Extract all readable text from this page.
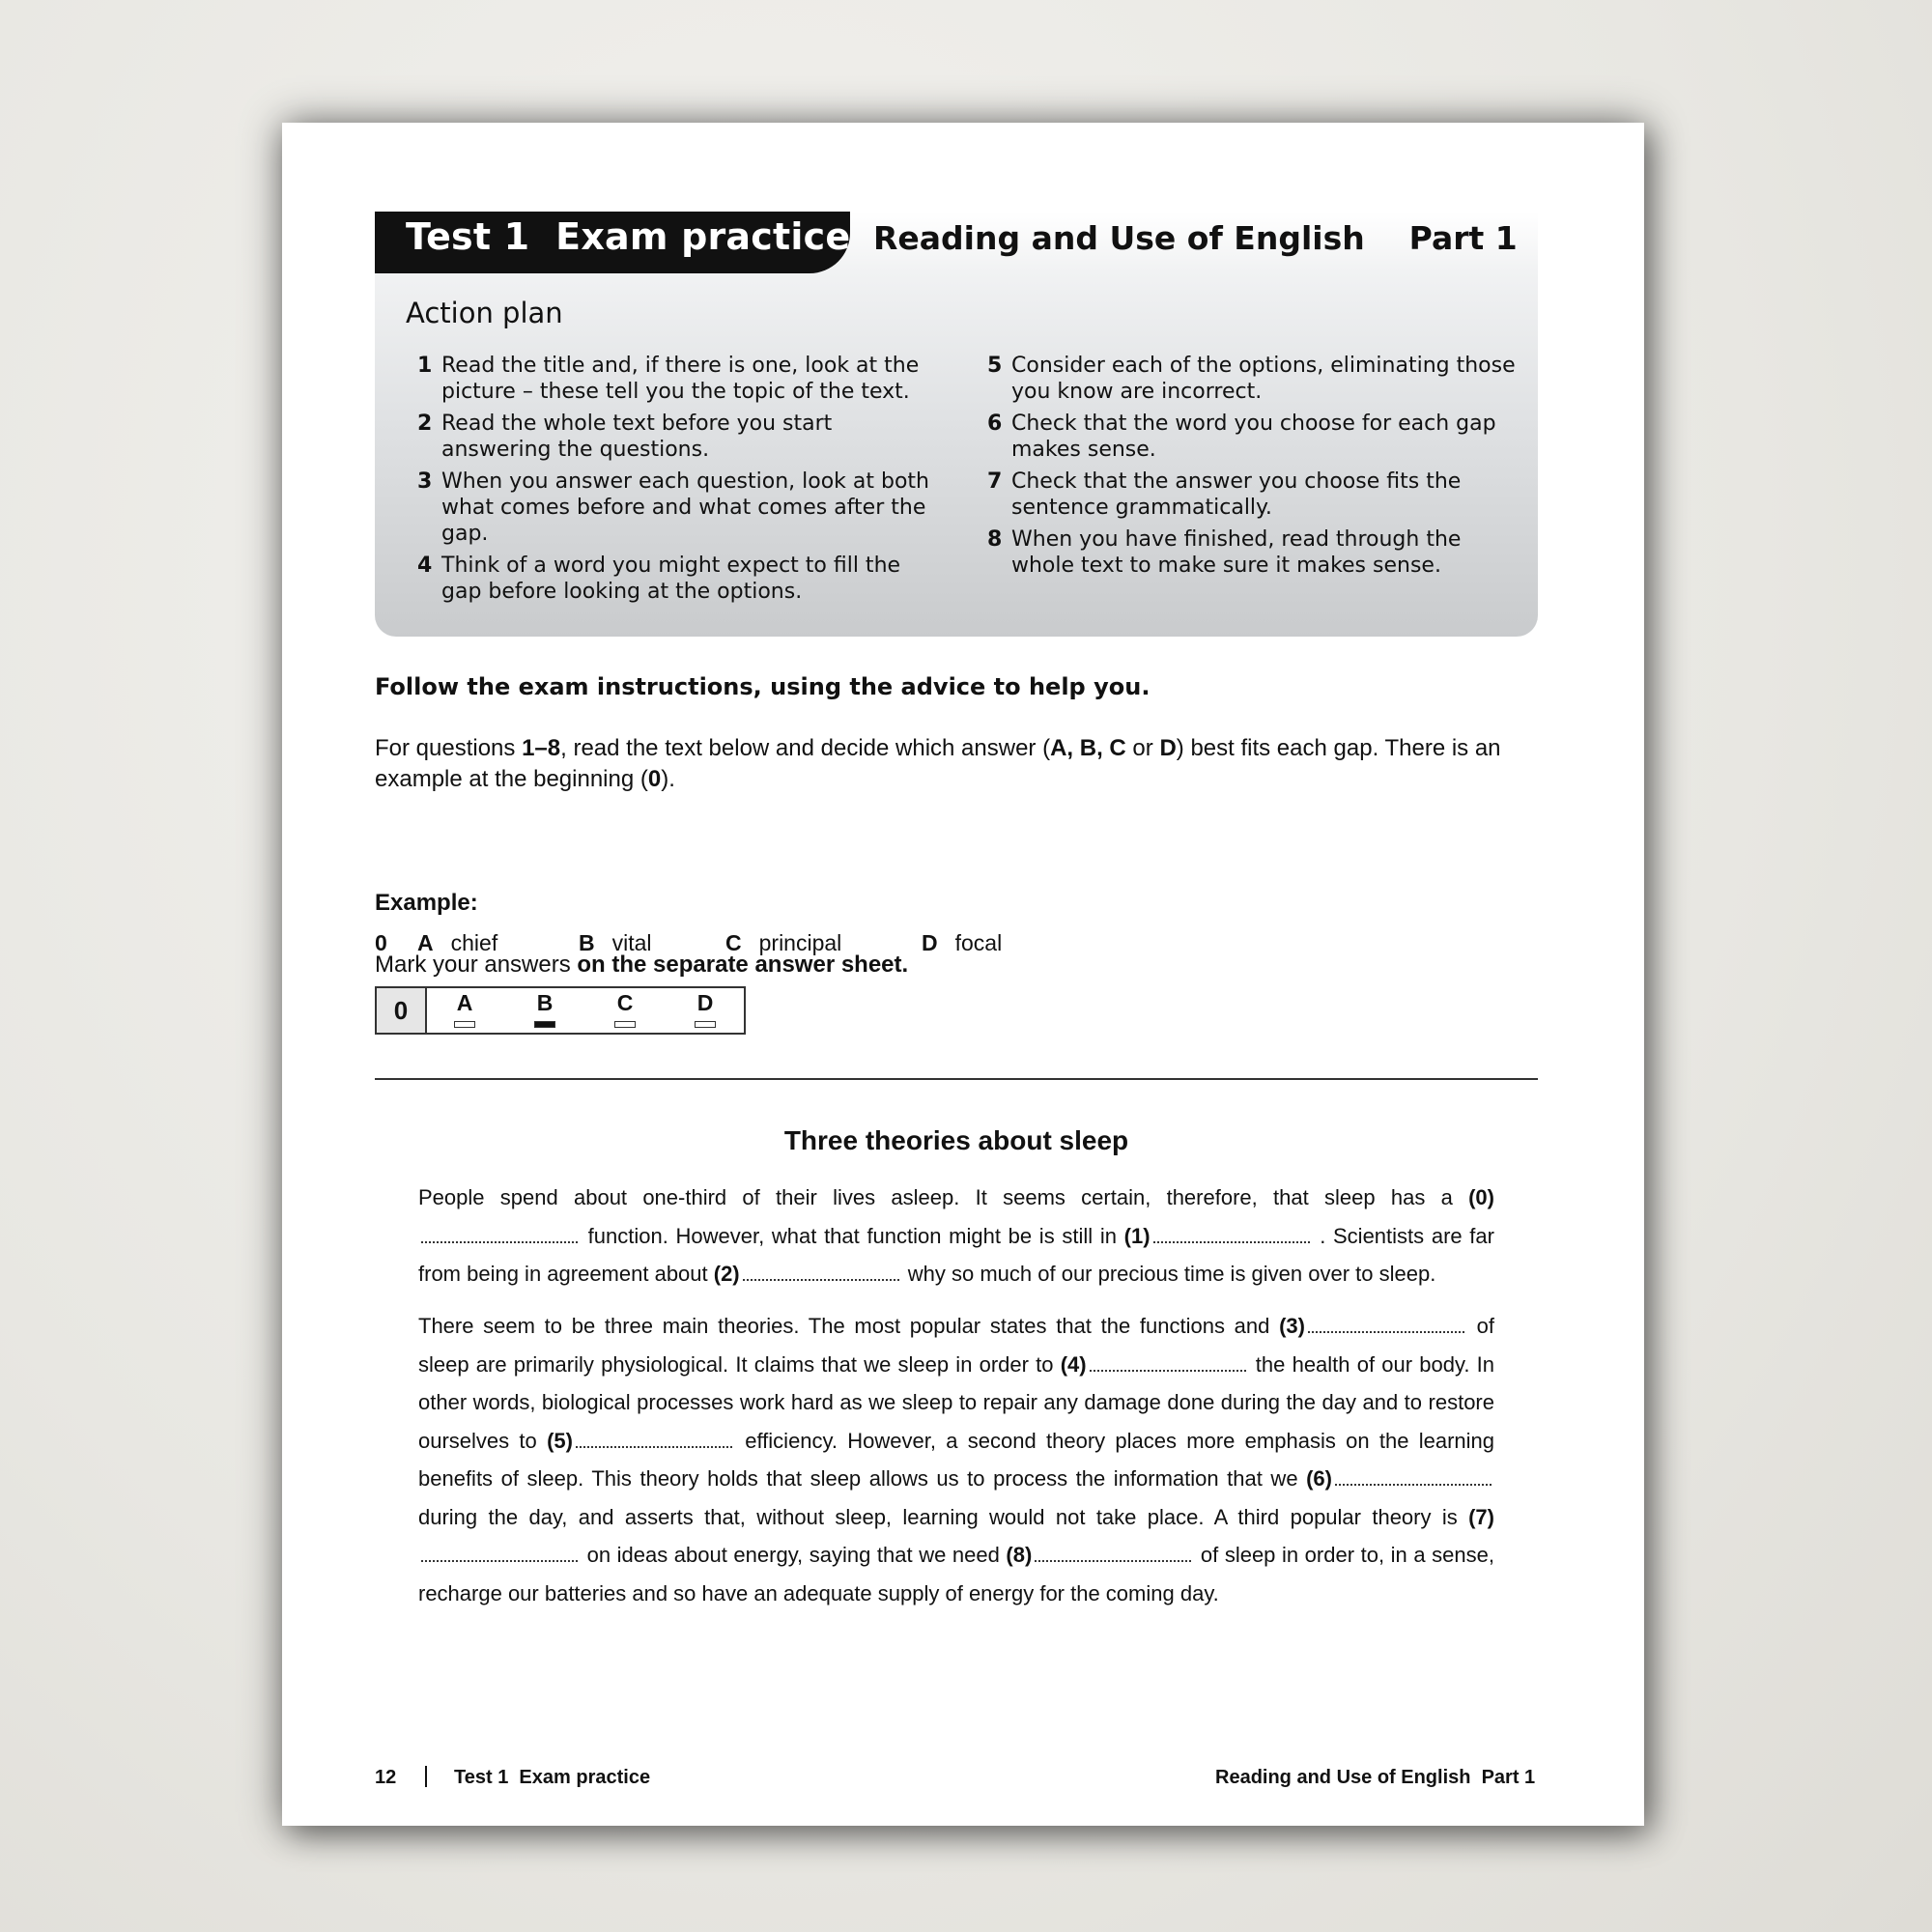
Test 1  Exam practice Reading and Use of English    Part 1
Action plan
1 Read the title and, if there is one, look at the picture – these tell you the topic of the text.
2 Read the whole text before you start answering the questions.
3 When you answer each question, look at both what comes before and what comes after the gap.
4 Think of a word you might expect to fill the gap before looking at the options.
5 Consider each of the options, eliminating those you know are incorrect.
6 Check that the word you choose for each gap makes sense.
7 Check that the answer you choose fits the sentence grammatically.
8 When you have finished, read through the whole text to make sure it makes sense.
Follow the exam instructions, using the advice to help you.
For questions 1–8, read the text below and decide which answer (A, B, C or D) best fits each gap. There is an example at the beginning (0).
Mark your answers on the separate answer sheet.
Example:
0 A chief	B vital	C principal	D focal
0	A	B	C	D
Three theories about sleep
People spend about one-third of their lives asleep. It seems certain, therefore, that sleep has a (0) function. However, what that function might be is still in (1)	. Scientists are far from being in agreement about (2)	why so much of our precious time is given over to sleep.
There seem to be three main theories. The most popular states that the functions and (3)	of sleep are primarily physiological. It claims that we sleep in order to (4)	the health of our body. In other words, biological processes work hard as we sleep to repair any damage done during the day and to restore ourselves to (5)	efficiency. However, a second theory places more emphasis on the learning benefits of sleep. This theory holds that sleep allows us to process the information that we (6) during the day, and asserts that, without sleep, learning would not take place. A third popular theory is (7) on ideas about energy, saying that we need (8)	of sleep in order to, in a sense, recharge our batteries and so have an adequate supply of energy for the coming day.
12	Test 1  Exam practice	Reading and Use of English  Part 1
